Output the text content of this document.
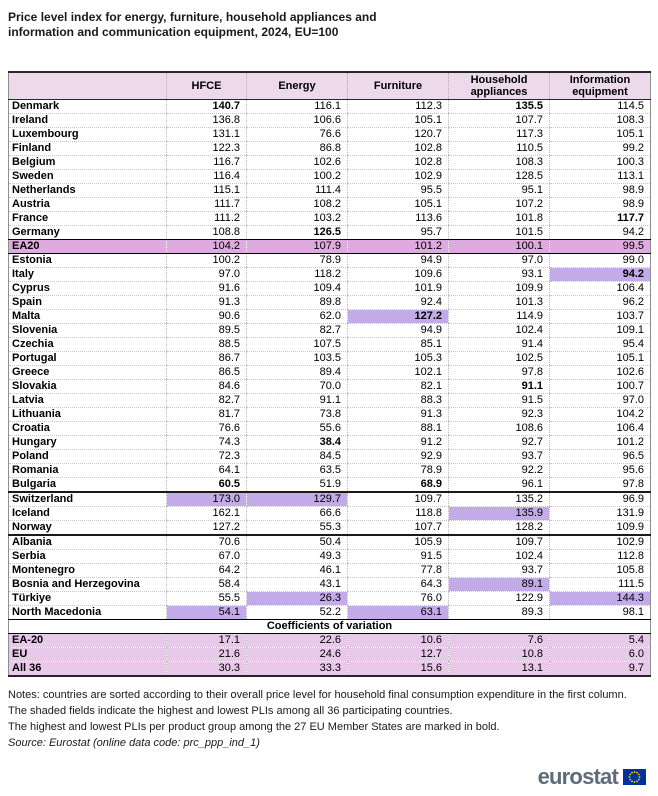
Price level index for energy, furniture, household appliances and
information and communication equipment, 2024, EU=100
	HFCE	Energy	Furniture	Household appliances	Information equipment
Denmark	140.7	116.1	112.3	135.5	114.5
Ireland	136.8	106.6	105.1	107.7	108.3
Luxembourg	131.1	76.6	120.7	117.3	105.1
Finland	122.3	86.8	102.8	110.5	99.2
Belgium	116.7	102.6	102.8	108.3	100.3
Sweden	116.4	100.2	102.9	128.5	113.1
Netherlands	115.1	111.4	95.5	95.1	98.9
Austria	111.7	108.2	105.1	107.2	98.9
France	111.2	103.2	113.6	101.8	117.7
Germany	108.8	126.5	95.7	101.5	94.2
EA20	104.2	107.9	101.2	100.1	99.5
Estonia	100.2	78.9	94.9	97.0	99.0
Italy	97.0	118.2	109.6	93.1	94.2
Cyprus	91.6	109.4	101.9	109.9	106.4
Spain	91.3	89.8	92.4	101.3	96.2
Malta	90.6	62.0	127.2	114.9	103.7
Slovenia	89.5	82.7	94.9	102.4	109.1
Czechia	88.5	107.5	85.1	91.4	95.4
Portugal	86.7	103.5	105.3	102.5	105.1
Greece	86.5	89.4	102.1	97.8	102.6
Slovakia	84.6	70.0	82.1	91.1	100.7
Latvia	82.7	91.1	88.3	91.5	97.0
Lithuania	81.7	73.8	91.3	92.3	104.2
Croatia	76.6	55.6	88.1	108.6	106.4
Hungary	74.3	38.4	91.2	92.7	101.2
Poland	72.3	84.5	92.9	93.7	96.5
Romania	64.1	63.5	78.9	92.2	95.6
Bulgaria	60.5	51.9	68.9	96.1	97.8
Switzerland	173.0	129.7	109.7	135.2	96.9
Iceland	162.1	66.6	118.8	135.9	131.9
Norway	127.2	55.3	107.7	128.2	109.9
Albania	70.6	50.4	105.9	109.7	102.9
Serbia	67.0	49.3	91.5	102.4	112.8
Montenegro	64.2	46.1	77.8	93.7	105.8
Bosnia and Herzegovina	58.4	43.1	64.3	89.1	111.5
Türkiye	55.5	26.3	76.0	122.9	144.3
North Macedonia	54.1	52.2	63.1	89.3	98.1
Coefficients of variation					
EA-20	17.1	22.6	10.6	7.6	5.4
EU	21.6	24.6	12.7	10.8	6.0
All 36	30.3	33.3	15.6	13.1	9.7
Notes: countries are sorted according to their overall price level for household final consumption expenditure in the first column.
The shaded fields indicate the highest and lowest PLIs among all 36 participating countries.
The highest and lowest PLIs per product group among the 27 EU Member States are marked in bold.
Source: Eurostat (online data code: prc_ppp_ind_1)
eurostat
